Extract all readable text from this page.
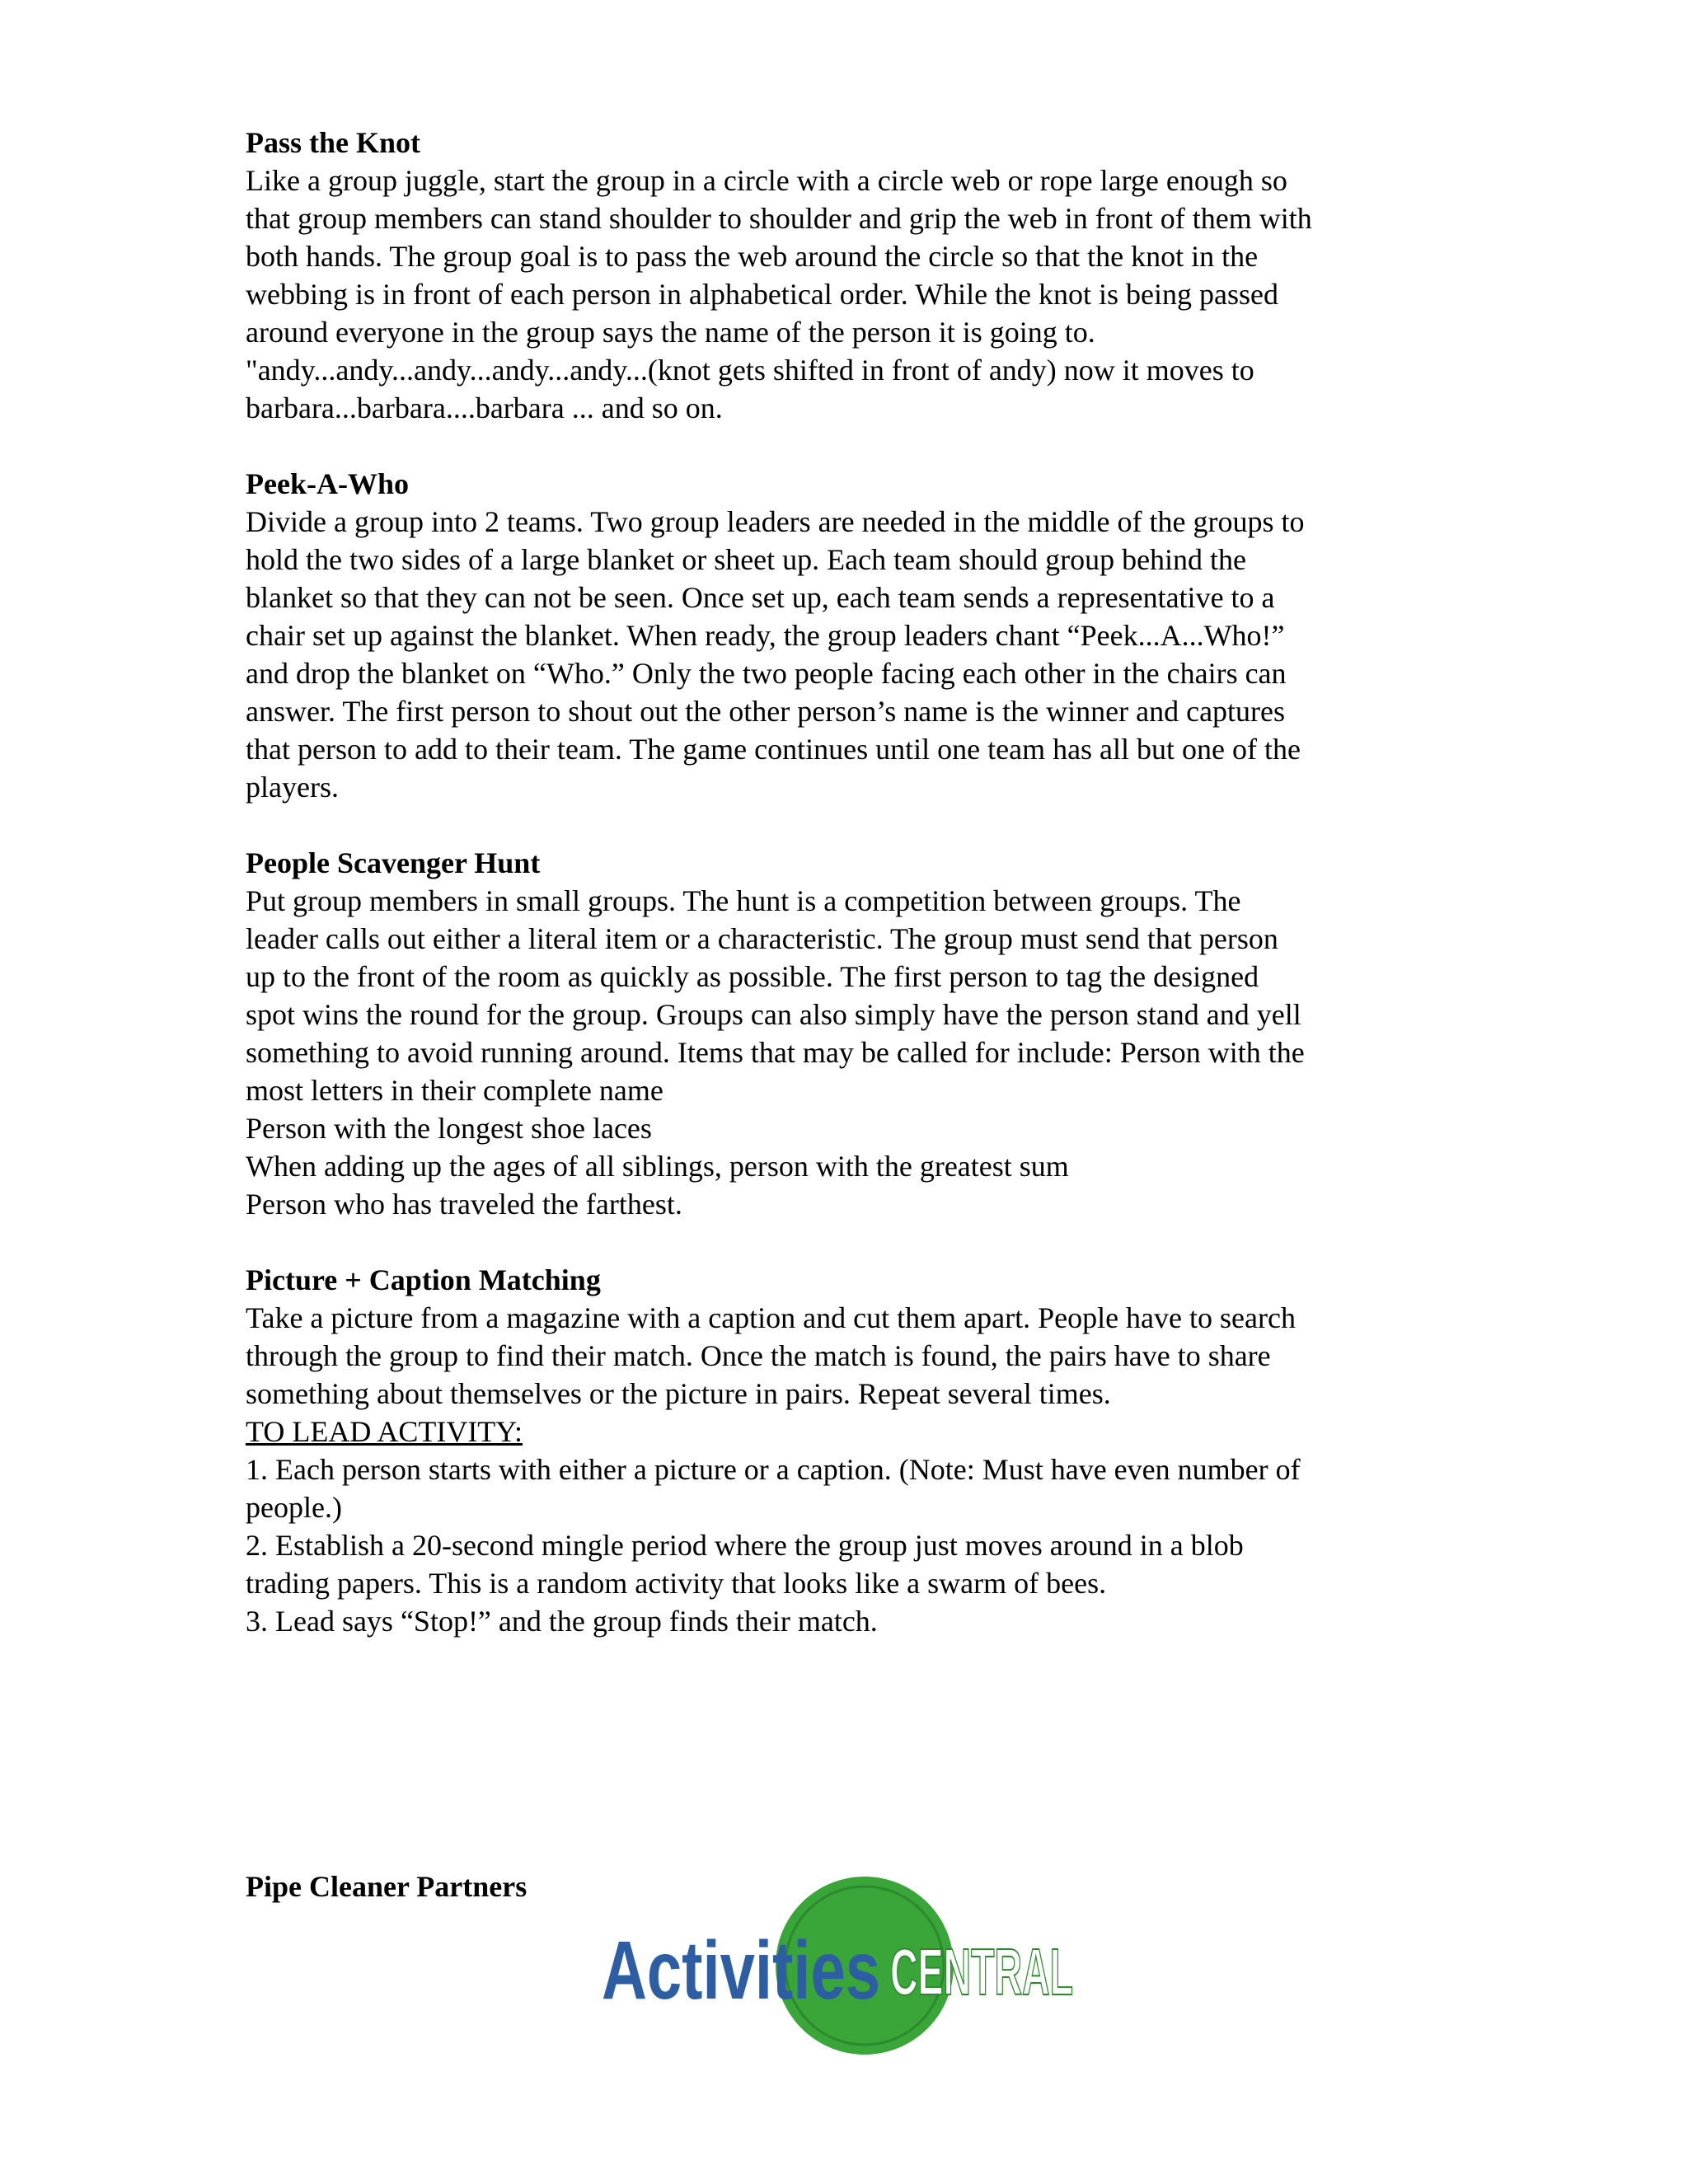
Pass the Knot

Like a group juggle, start the group in a circle with a circle web or rope large enough so

that group members can stand shoulder to shoulder and grip the web in front of them with

both hands. The group goal is to pass the web around the circle so that the knot in the

webbing is in front of each person in alphabetical order. While the knot is being passed

around everyone in the group says the name of the person it is going to.

"andy...andy...andy...andy...andy...(knot gets shifted in front of andy) now it moves to

barbara...barbara....barbara ... and so on.

Peek-A-Who

Divide a group into 2 teams. Two group leaders are needed in the middle of the groups to

hold the two sides of a large blanket or sheet up. Each team should group behind the

blanket so that they can not be seen. Once set up, each team sends a representative to a

chair set up against the blanket. When ready, the group leaders chant “Peek...A...Who!”

and drop the blanket on “Who.” Only the two people facing each other in the chairs can

answer. The first person to shout out the other person’s name is the winner and captures

that person to add to their team. The game continues until one team has all but one of the

players.

People Scavenger Hunt

Put group members in small groups. The hunt is a competition between groups. The

leader calls out either a literal item or a characteristic. The group must send that person

up to the front of the room as quickly as possible. The first person to tag the designed

spot wins the round for the group. Groups can also simply have the person stand and yell

something to avoid running around. Items that may be called for include: Person with the

most letters in their complete name

Person with the longest shoe laces

When adding up the ages of all siblings, person with the greatest sum

Person who has traveled the farthest.

Picture + Caption Matching

Take a picture from a magazine with a caption and cut them apart. People have to search

through the group to find their match. Once the match is found, the pairs have to share

something about themselves or the picture in pairs. Repeat several times.

TO LEAD ACTIVITY:

1. Each person starts with either a picture or a caption. (Note: Must have even number of

people.)

2. Establish a 20-second mingle period where the group just moves around in a blob

trading papers. This is a random activity that looks like a swarm of bees.

3. Lead says “Stop!” and the group finds their match.

Pipe Cleaner Partners

Activities CENTRAL
